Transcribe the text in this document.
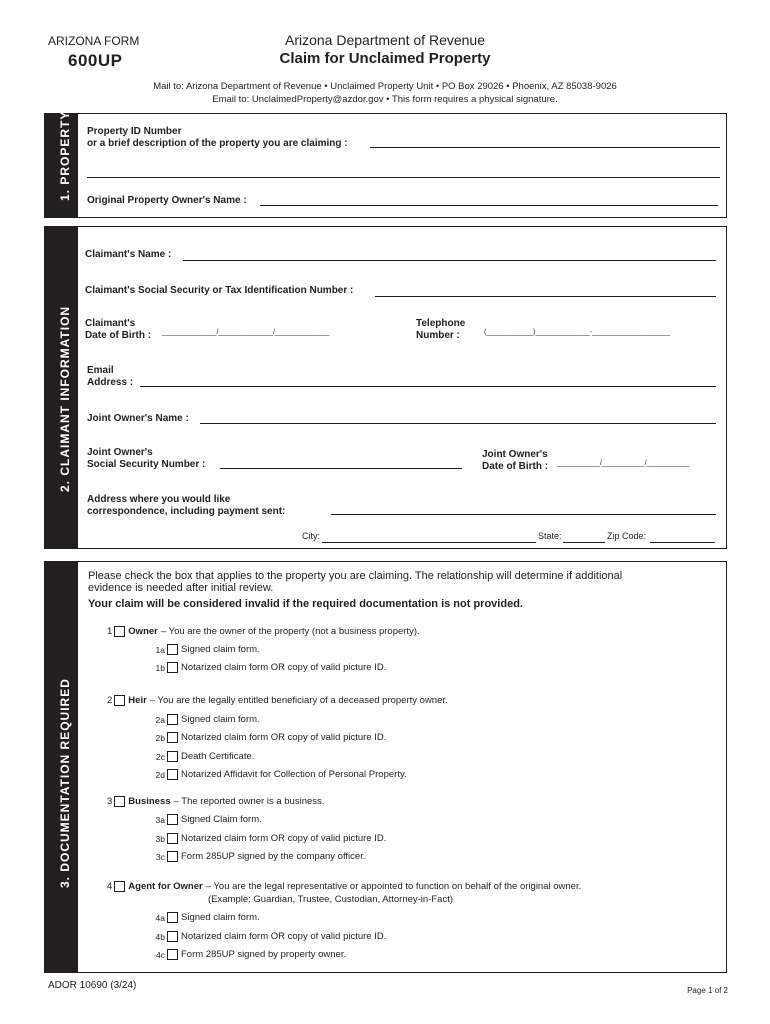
ARIZONA FORM
600UP
Arizona Department of Revenue
Claim for Unclaimed Property
Mail to: Arizona Department of Revenue • Unclaimed Property Unit • PO Box 29026 • Phoenix, AZ 85038-9026
Email to: UnclaimedProperty@azdor.gov • This form requires a physical signature.
1. PROPERTY Property ID Number
or a brief description of the property you are claiming :
Original Property Owner's Name :
2. CLAIMANT INFORMATION
Claimant's Name :
Claimant's Social Security or Tax Identification Number :
Claimant's
Date of Birth : ______________/______________/______________
Telephone
Number :	(____________)______________-____________________
Email
Address :
Joint Owner's Name :
Joint Owner's
Social Security Number :
Joint Owner's
Date of Birth : ___________/___________/___________
Address where you would like
correspondence, including payment sent:
City:	State:	Zip Code:
3. DOCUMENTATION REQUIRED
Please check the box that applies to the property you are claiming. The relationship will determine if additional
evidence is needed after initial review.
Your claim will be considered invalid if the required documentation is not provided.
1 Owner – You are the owner of the property (not a business property).
1a Signed claim form.
1b Notarized claim form OR copy of valid picture ID.
2 Heir – You are the legally entitled beneficiary of a deceased property owner.
2a Signed claim form.
2b Notarized claim form OR copy of valid picture ID.
2c Death Certificate.
2d Notarized Affidavit for Collection of Personal Property.
3 Business – The reported owner is a business.
3a Signed Claim form.
3b Notarized claim form OR copy of valid picture ID.
3c Form 285UP signed by the company officer.
4 Agent for Owner – You are the legal representative or appointed to function on behalf of the original owner.
(Example: Guardian, Trustee, Custodian, Attorney-in-Fact)
4a Signed claim form.
4b Notarized claim form OR copy of valid picture ID.
4c Form 285UP signed by property owner.
ADOR 10690 (3/24)	Page 1 of 2
